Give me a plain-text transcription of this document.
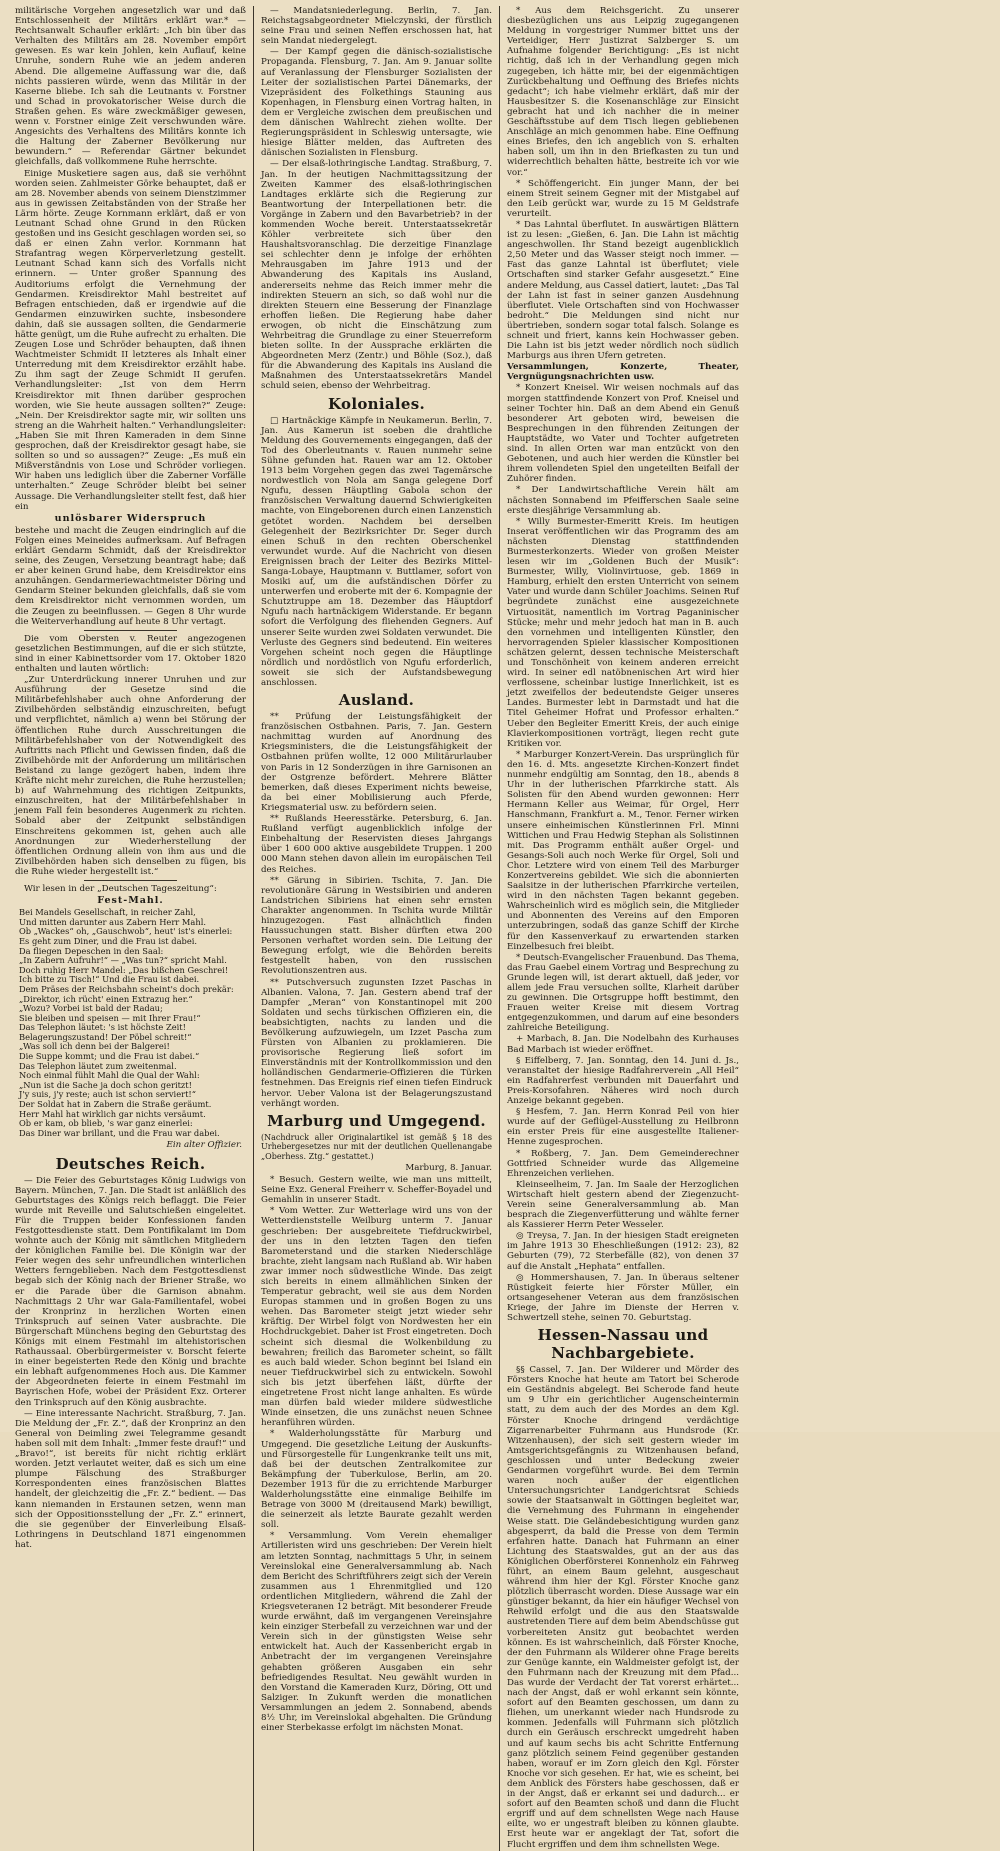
militärische Vorgehen angesetzlich war und daß Entschlossenheit der Militärs erklärt war.* — Rechtsanwalt Schaufler erklärt: „Ich bin über das Verhalten des Militärs am 28. November empört gewesen. Es war kein Johlen, kein Auflauf, keine Unruhe, sondern Ruhe wie an jedem anderen Abend. Die allgemeine Auffassung war die, daß nichts passieren würde, wenn das Militär in der Kaserne bliebe. Ich sah die Leutnants v. Forstner und Schad in provokatorischer Weise durch die Straßen gehen. Es wäre zweckmäßiger gewesen, wenn v. Forstner einige Zeit verschwunden wäre. Angesichts des Verhaltens des Militärs konnte ich die Haltung der Zaberner Bevölkerung nur bewundern.“ — Referendar Gärtner bekundet gleichfalls, daß vollkommene Ruhe herrschte.

Einige Musketiere sagen aus, daß sie verhöhnt worden seien. Zahlmeister Görke behauptet, daß er am 28. November abends von seinem Dienstzimmer aus in gewissen Zeitabständen von der Straße her Lärm hörte. Zeuge Kornmann erklärt, daß er von Leutnant Schad ohne Grund in den Rücken gestoßen und ins Gesicht geschlagen worden sei, so daß er einen Zahn verlor. Kornmann hat Strafantrag wegen Körperverletzung gestellt. Leutnant Schad kann sich des Vorfalls nicht erinnern. — Unter großer Spannung des Auditoriums erfolgt die Vernehmung der Gendarmen. Kreisdirektor Mahl bestreitet auf Befragen entschieden, daß er irgendwie auf die Gendarmen einzuwirken suchte, insbesondere dahin, daß sie aussagen sollten, die Gendarmerie hätte genügt, um die Ruhe aufrecht zu erhalten. Die Zeugen Lose und Schröder behaupten, daß ihnen Wachtmeister Schmidt II letzteres als Inhalt einer Unterredung mit dem Kreisdirektor erzählt habe. Zu ihm sagt der Zeuge Schmidt II gerufen. Verhandlungsleiter: „Ist von dem Herrn Kreisdirektor mit Ihnen darüber gesprochen worden, wie Sie heute aussagen sollten?“ Zeuge: „Nein. Der Kreisdirektor sagte mir, wir sollten uns streng an die Wahrheit halten.“ Verhandlungsleiter: „Haben Sie mit Ihren Kameraden in dem Sinne gesprochen, daß der Kreisdirektor gesagt habe, sie sollten so und so aussagen?“ Zeuge: „Es muß ein Mißverständnis von Lose und Schröder vorliegen. Wir haben uns lediglich über die Zaberner Vorfälle unterhalten.“ Zeuge Schröder bleibt bei seiner Aussage. Die Verhandlungsleiter stellt fest, daß hier ein

unlösbarer Widerspruch

bestehe und macht die Zeugen eindringlich auf die Folgen eines Meineides aufmerksam. Auf Befragen erklärt Gendarm Schmidt, daß der Kreisdirektor seine, des Zeugen, Versetzung beantragt habe; daß er aber keinen Grund habe, dem Kreisdirektor eins anzuhängen. Gendarmeriewachtmeister Döring und Gendarm Steiner bekunden gleichfalls, daß sie vom dem Kreisdirektor nicht vernommen worden, um die Zeugen zu beeinflussen. — Gegen 8 Uhr wurde die Weiterverhandlung auf heute 8 Uhr vertagt.

Die vom Obersten v. Reuter angezogenen gesetzlichen Bestimmungen, auf die er sich stützte, sind in einer Kabinettsorder vom 17. Oktober 1820 enthalten und lauten wörtlich:

„Zur Unterdrückung innerer Unruhen und zur Ausführung der Gesetze sind die Militärbefehlshaber auch ohne Anforderung der Zivilbehörden selbständig einzuschreiten, befugt und verpflichtet, nämlich a) wenn bei Störung der öffentlichen Ruhe durch Ausschreitungen die Militärbefehlshaber von der Notwendigkeit des Auftritts nach Pflicht und Gewissen finden, daß die Zivilbehörde mit der Anforderung um militärischen Beistand zu lange gezögert haben, indem ihre Kräfte nicht mehr zureichen, die Ruhe herzustellen; b) auf Wahrnehmung des richtigen Zeitpunkts, einzuschreiten, hat der Militärbefehlshaber in jenem Fall fein besonderes Augenmerk zu richten. Sobald aber der Zeitpunkt selbständigen Einschreitens gekommen ist, gehen auch alle Anordnungen zur Wiederherstellung der öffentlichen Ordnung allein von ihm aus und die Zivilbehörden haben sich denselben zu fügen, bis die Ruhe wieder hergestellt ist.“

Wir lesen in der „Deutschen Tageszeitung“:

Fest-Mahl.
Bei Mandels Gesellschaft, in reicher Zahl,
Und mitten darunter aus Zabern Herr Mahl.
Ob „Wackes“ oh, „Gauschwob“, heut' ist's einerlei:
Es geht zum Diner, und die Frau ist dabei.
Da fliegen Depeschen in den Saal:
„In Zabern Aufruhr!“ — „Was tun?“ spricht Mahl.
Doch ruhig Herr Mandel: „Das bißchen Geschrei!
Ich bitte zu Tisch!“ Und die Frau ist dabei.
Dem Präses der Reichsbahn scheint's doch prekär:
„Direktor, ich rücht' einen Extrazug her.“
„Wozu? Vorbei ist bald der Radau;
Sie bleiben und speisen — mit Ihrer Frau!“
Das Telephon läutet: 's ist höchste Zeit!
Belagerungszustand! Der Pöbel schreit!“
„Was soll ich denn bei der Balgerei!
Die Suppe kommt; und die Frau ist dabei.“
Das Telephon läutet zum zweitenmal.
Noch einmal fühlt Mahl die Qual der Wahl:
„Nun ist die Sache ja doch schon geritzt!
J'y suis, j'y reste; auch ist schon serviert!“
Der Soldat hat in Zabern die Straße geräumt.
Herr Mahl hat wirklich gar nichts versäumt.
Ob er kam, ob blieb, 's war ganz einerlei:
Das Diner war brillant, und die Frau war dabei.
Ein alter Offizier.
Deutsches Reich.

— Die Feier des Geburtstages König Ludwigs von Bayern. München, 7. Jan. Die Stadt ist anläßlich des Geburtstages des Königs reich beflaggt. Die Feier wurde mit Reveille und Salutschießen eingeleitet. Für die Truppen beider Konfessionen fanden Festgottesdienste statt. Dem Pontifikalamt im Dom wohnte auch der König mit sämtlichen Mitgliedern der königlichen Familie bei. Die Königin war der Feier wegen des sehr unfreundlichen winterlichen Wetters ferngeblieben. Nach dem Festgottesdienst begab sich der König nach der Briener Straße, wo er die Parade über die Garnison abnahm. Nachmittags 2 Uhr war Gala-Familientafel, wobei der Kronprinz in herzlichen Worten einen Trinkspruch auf seinen Vater ausbrachte. Die Bürgerschaft Münchens beging den Geburtstag des Königs mit einem Festmahl im altehistorischen Rathaussaal. Oberbürgermeister v. Borscht feierte in einer begeisterten Rede den König und brachte ein lebhaft aufgenommenes Hoch aus. Die Kammer der Abgeordneten feierte in einem Festmahl im Bayrischen Hofe, wobei der Präsident Exz. Orterer den Trinkspruch auf den König ausbrachte.

— Eine interessante Nachricht. Straßburg, 7. Jan. Die Meldung der „Fr. Z.“, daß der Kronprinz an den General von Deimling zwei Telegramme gesandt haben soll mit dem Inhalt: „Immer feste drauf!“ und „Bravo!“, ist bereits für nicht richtig erklärt worden. Jetzt verlautet weiter, daß es sich um eine plumpe Fälschung des Straßburger Korrespondenten eines französischen Blattes handelt, der gleichzeitig die „Fr. Z.“ bedient. — Das kann niemanden in Erstaunen setzen, wenn man sich der Oppositionsstellung der „Fr. Z.“ erinnert, die sie gegenüber der Einverleibung Elsaß-Lothringens in Deutschland 1871 eingenommen hat.

— Mandatsniederlegung. Berlin, 7. Jan. Reichstagsabgeordneter Mielczynski, der fürstlich seine Frau und seinen Neffen erschossen hat, hat sein Mandat niedergelegt.

— Der Kampf gegen die dänisch-sozialistische Propaganda. Flensburg, 7. Jan. Am 9. Januar sollte auf Veranlassung der Flensburger Sozialisten der Leiter der sozialistischen Partei Dänemarks, der Vizepräsident des Folkethings Stauning aus Kopenhagen, in Flensburg einen Vortrag halten, in dem er Vergleiche zwischen dem preußischen und dem dänischen Wahlrecht ziehen wollte. Der Regierungspräsident in Schleswig untersagte, wie hiesige Blätter melden, das Auftreten des dänischen Sozialisten in Flensburg.

— Der elsaß-lothringische Landtag. Straßburg, 7. Jan. In der heutigen Nachmittagssitzung der Zweiten Kammer des elsaß-lothringischen Landtages erklärte sich die Regierung zur Beantwortung der Interpellationen betr. die Vorgänge in Zabern und den Bavarbetrieb? in der kommenden Woche bereit. Unterstaatssekretär Köhler verbreitete sich über den Haushaltsvoranschlag. Die derzeitige Finanzlage sei schlechter denn je infolge der erhöhten Mehrausgaben im Jahre 1913 und der Abwanderung des Kapitals ins Ausland, andererseits nehme das Reich immer mehr die indirekten Steuern an sich, so daß wohl nur die direkten Steuern eine Besserung der Finanzlage erhoffen ließen. Die Regierung habe daher erwogen, ob nicht die Einschätzung zum Wehrbeitrag die Grundlage zu einer Steuerreform bieten sollte. In der Aussprache erklärten die Abgeordneten Merz (Zentr.) und Böhle (Soz.), daß für die Abwanderung des Kapitals ins Ausland die Maßnahmen des Unterstaatssekretärs Mandel schuld seien, ebenso der Wehrbeitrag.

Koloniales.

□ Hartnäckige Kämpfe in Neukamerun. Berlin, 7. Jan. Aus Kamerun ist soeben die drahtliche Meldung des Gouvernements eingegangen, daß der Tod des Oberleutnants v. Rauen nunmehr seine Sühne gefunden hat. Rauen war am 12. Oktober 1913 beim Vorgehen gegen das zwei Tagemärsche nordwestlich von Nola am Sanga gelegene Dorf Ngufu, dessen Häuptling Gabola schon der französischen Verwaltung dauernd Schwierigkeiten machte, von Eingeborenen durch einen Lanzenstich getötet worden. Nachdem bei derselben Gelegenheit der Bezirksrichter Dr. Seger durch einen Schuß in den rechten Oberschenkel verwundet wurde. Auf die Nachricht von diesen Ereignissen brach der Leiter des Bezirks Mittel-Sanga-Lobaye, Hauptmann v. Buttlamer, sofort von Mosiki auf, um die aufständischen Dörfer zu unterwerfen und eroberte mit der 6. Kompagnie der Schutztruppe am 18. Dezember das Häuptdorf Ngufu nach hartnäckigem Widerstande. Er begann sofort die Verfolgung des fliehenden Gegners. Auf unserer Seite wurden zwei Soldaten verwundet. Die Verluste des Gegners sind bedeutend. Ein weiteres Vorgehen scheint noch gegen die Häuptlinge nördlich und nordöstlich von Ngufu erforderlich, soweit sie sich der Aufstandsbewegung anschlossen.

Ausland.

** Prüfung der Leistungsfähigkeit der französischen Ostbahnen. Paris, 7. Jan. Gestern nachmittag wurden auf Anordnung des Kriegsministers, die die Leistungsfähigkeit der Ostbahnen prüfen wollte, 12 000 Militärurlauber von Paris in 12 Sonderzügen in ihre Garnisonen an der Ostgrenze befördert. Mehrere Blätter bemerken, daß dieses Experiment nichts beweise, da bei einer Mobilisierung auch Pferde, Kriegsmaterial usw. zu befördern seien.

** Rußlands Heeresstärke. Petersburg, 6. Jan. Rußland verfügt augenblicklich infolge der Einbehaltung der Reservisten dieses Jahrgangs über 1 600 000 aktive ausgebildete Truppen. 1 200 000 Mann stehen davon allein im europäischen Teil des Reiches.

** Gärung in Sibirien. Tschita, 7. Jan. Die revolutionäre Gärung in Westsibirien und anderen Landstrichen Sibiriens hat einen sehr ernsten Charakter angenommen. In Tschita wurde Militär hinzugezogen. Fast allnächtlich finden Haussuchungen statt. Bisher dürften etwa 200 Personen verhaftet worden sein. Die Leitung der Bewegung erfolgt, wie die Behörden bereits festgestellt haben, von den russischen Revolutionszentren aus.

** Putschversuch zugunsten Izzet Paschas in Albanien. Valona, 7. Jan. Gestern abend traf der Dampfer „Meran“ von Konstantinopel mit 200 Soldaten und sechs türkischen Offizieren ein, die beabsichtigten, nachts zu landen und die Bevölkerung aufzuwiegeln, um Izzet Pascha zum Fürsten von Albanien zu proklamieren. Die provisorische Regierung ließ sofort im Einverständnis mit der Kontrollkommission und den holländischen Gendarmerie-Offizieren die Türken festnehmen. Das Ereignis rief einen tiefen Eindruck hervor. Ueber Valona ist der Belagerungszustand verhängt worden.

Marburg und Umgegend.
(Nachdruck aller Originalartikel ist gemäß § 18 des Urhebergesetzes nur mit der deutlichen Quellenangabe „Oberhess. Ztg.“ gestattet.)
Marburg, 8. Januar.

* Besuch. Gestern weilte, wie man uns mitteilt, Seine Exz. General Freiherr v. Scheffer-Boyadel und Gemahlin in unserer Stadt.

* Vom Wetter. Zur Wetterlage wird uns von der Wetterdienststelle Weilburg unterm 7. Januar geschrieben: Der ausgebreitete Tiefdruckwirbel, der uns in den letzten Tagen den tiefen Barometerstand und die starken Niederschläge brachte, zieht langsam nach Rußland ab. Wir haben zwar immer noch südwestliche Winde. Das zeigt sich bereits in einem allmählichen Sinken der Temperatur gebracht, weil sie aus dem Norden Europas stammen und in großen Bogen zu uns wehen. Das Barometer steigt jetzt wieder sehr kräftig. Der Wirbel folgt von Nordwesten her ein Hochdruckgebiet. Daher ist Frost eingetreten. Doch scheint sich diesmal die Wolkenbildung zu bewahren; freilich das Barometer scheint, so fällt es auch bald wieder. Schon beginnt bei Island ein neuer Tiefdruckwirbel sich zu entwickeln. Sowohl sich bis jetzt überfehen läßt, dürfte der eingetretene Frost nicht lange anhalten. Es würde man dürfen bald wieder mildere südwestliche Winde einsetzen, die uns zunächst neuen Schnee heranführen würden.

* Walderholungsstätte für Marburg und Umgegend. Die gesetzliche Leitung der Auskunfts- und Fürsorgestelle für Lungenkranke teilt uns mit, daß bei der deutschen Zentralkomitee zur Bekämpfung der Tuberkulose, Berlin, am 20. Dezember 1913 für die zu errichtende Marburger Walderholungsstätte eine einmalige Beihilfe im Betrage von 3000 M (dreitausend Mark) bewilligt, die seinerzeit als letzte Baurate gezahlt werden soll.

* Versammlung. Vom Verein ehemaliger Artilleristen wird uns geschrieben: Der Verein hielt am letzten Sonntag, nachmittags 5 Uhr, in seinem Vereinslokal eine Generalversammlung ab. Nach dem Bericht des Schriftführers zeigt sich der Verein zusammen aus 1 Ehrenmitglied und 120 ordentlichen Mitgliedern, während die Zahl der Kriegsveteranen 12 beträgt. Mit besonderer Freude wurde erwähnt, daß im vergangenen Vereinsjahre kein einziger Sterbefall zu verzeichnen war und der Verein sich in der günstigsten Weise sehr entwickelt hat. Auch der Kassenbericht ergab in Anbetracht der im vergangenen Vereinsjahre gehabten größeren Ausgaben ein sehr befriedigendes Resultat. Neu gewählt wurden in den Vorstand die Kameraden Kurz, Döring, Ott und Salziger. In Zukunft werden die monatlichen Versammlungen an jedem 2. Sonnabend, abends 8½ Uhr, im Vereinslokal abgehalten. Die Gründung einer Sterbekasse erfolgt im nächsten Monat.

* Aus dem Reichsgericht. Zu unserer diesbezüglichen uns aus Leipzig zugegangenen Meldung in vorgestriger Nummer bittet uns der Verteidiger, Herr Justizrat Salzberger S. um Aufnahme folgender Berichtigung: „Es ist nicht richtig, daß ich in der Verhandlung gegen mich zugegeben, ich hätte mir, bei der eigenmächtigen Zurückbehaltung und Oeffnung des Briefes nichts gedacht“; ich habe vielmehr erklärt, daß mir der Hausbesitzer S. die Kosenanschläge zur Einsicht gebracht hat und ich nachher die in meiner Geschäftsstube auf dem Tisch liegen gebliebenen Anschläge an mich genommen habe. Eine Oeffnung eines Briefes, den ich angeblich von S. erhalten haben soll, um ihn in den Briefkasten zu tun und widerrechtlich behalten hätte, bestreite ich vor wie vor.“

* Schöffengericht. Ein junger Mann, der bei einem Streit seinem Gegner mit der Mistgabel auf den Leib gerückt war, wurde zu 15 M Geldstrafe verurteilt.

* Das Lahntal überflutet. In auswärtigen Blättern ist zu lesen: „Gießen, 6. Jan. Die Lahn ist mächtig angeschwollen. Ihr Stand bezeigt augenblicklich 2,50 Meter und das Wasser steigt noch immer. — Fast das ganze Lahntal ist überflutet; viele Ortschaften sind starker Gefahr ausgesetzt.“ Eine andere Meldung, aus Cassel datiert, lautet: „Das Tal der Lahn ist fast in seiner ganzen Ausdehnung überflutet. Viele Ortschaften sind von Hochwasser bedroht.“ Die Meldungen sind nicht nur übertrieben, sondern sogar total falsch. Solange es schneit und friert, kanns kein Hochwasser geben. Die Lahn ist bis jetzt weder nördlich noch südlich Marburgs aus ihren Ufern getreten.

Versammlungen, Konzerte, Theater, Vergnügungsnachrichten usw.

* Konzert Kneisel. Wir weisen nochmals auf das morgen stattfindende Konzert von Prof. Kneisel und seiner Tochter hin. Daß an dem Abend ein Genuß besonderer Art geboten wird, beweisen die Besprechungen in den führenden Zeitungen der Hauptstädte, wo Vater und Tochter aufgetreten sind. In allen Orten war man entzückt von den Gebotenen, und auch hier werden die Künstler bei ihrem vollendeten Spiel den ungeteilten Beifall der Zuhörer finden.

* Der Landwirtschaftliche Verein hält am nächsten Sonnabend im Pfeifferschen Saale seine erste diesjährige Versammlung ab.

* Willy Burmester-Emeritt Kreis. Im heutigen Inserat veröffentlichen wir das Programm des am nächsten Dienstag stattfindenden Burmesterkonzerts. Wieder von großen Meister lesen wir im „Goldenen Buch der Musik“: Burmester, Willy, Violinvirtuose, geb. 1869 in Hamburg, erhielt den ersten Unterricht von seinem Vater und wurde dann Schüler Joachims. Seinen Ruf begründete zunächst eine ausgezeichnete Virtuosität, namentlich im Vortrag Paganinischer Stücke; mehr und mehr jedoch hat man in B. auch den vornehmen und intelligenten Künstler, den hervorragenden Spieler klassischer Kompositionen schätzen gelernt, dessen technische Meisterschaft und Tonschönheit von keinem anderen erreicht wird. In seiner edl natöbnenischen Art wird hier verflossene, scheinbar lustige Innerlichkeit, ist es jetzt zweifellos der bedeutendste Geiger unseres Landes. Burmester lebt in Darmstadt und hat die Titel Geheimer Hofrat und Professor erhalten.“ Ueber den Begleiter Emeritt Kreis, der auch einige Klavierkompositionen vorträgt, liegen recht gute Kritiken vor.

* Marburger Konzert-Verein. Das ursprünglich für den 16. d. Mts. angesetzte Kirchen-Konzert findet nunmehr endgültig am Sonntag, den 18., abends 8 Uhr in der lutherischen Pfarrkirche statt. Als Solisten für den Abend wurden gewonnen: Herr Hermann Keller aus Weimar, für Orgel, Herr Hanschmann, Frankfurt a. M., Tenor. Ferner wirken unsere einheimischen Künstlerinnen Frl. Minni Wittichen und Frau Hedwig Stephan als Solistinnen mit. Das Programm enthält außer Orgel- und Gesangs-Soli auch noch Werke für Orgel, Soli und Chor. Letztere wird von einem Teil des Marburger Konzertvereins gebildet. Wie sich die abonnierten Saalsitze in der lutherischen Pfarrkirche verteilen, wird in den nächsten Tagen bekannt gegeben. Wahrscheinlich wird es möglich sein, die Mitglieder und Abonnenten des Vereins auf den Emporen unterzubringen, sodaß das ganze Schiff der Kirche für den Kassenverkauf zu erwartenden starken Einzelbesuch frei bleibt.

* Deutsch-Evangelischer Frauenbund. Das Thema, das Frau Gaebel einem Vortrag und Besprechung zu Grunde legen will, ist derart aktuell, daß jeder, vor allem jede Frau versuchen sollte, Klarheit darüber zu gewinnen. Die Ortsgruppe hofft bestimmt, den Frauen weiter Kreise mit diesem Vortrag entgegenzukommen, und darum auf eine besonders zahlreiche Beteiligung.

+ Marbach, 8. Jan. Die Nodelbahn des Kurhauses Bad Marbach ist wieder eröffnet.

§ Eiffelberg, 7. Jan. Sonntag, den 14. Juni d. Js., veranstaltet der hiesige Radfahrerverein „All Heil“ ein Radfahrerfest verbunden mit Dauerfahrt und Preis-Korsofahren. Näheres wird noch durch Anzeige bekannt gegeben.

§ Hesfem, 7. Jan. Herrn Konrad Peil von hier wurde auf der Geflügel-Ausstellung zu Heilbronn ein erster Preis für eine ausgestellte Italiener-Henne zugesprochen.

* Roßberg, 7. Jan. Dem Gemeinderechner Gottfried Schneider wurde das Allgemeine Ehrenzeichen verliehen.

Kleinseelheim, 7. Jan. Im Saale der Herzoglichen Wirtschaft hielt gestern abend der Ziegenzucht-Verein seine Generalversammlung ab. Man besprach die Ziegenverfütterung und wählte ferner als Kassierer Herrn Peter Wesseler.

◎ Treysa, 7. Jan. In der hiesigen Stadt ereigneten im Jahre 1913 30 Eheschließungen (1912: 23), 82 Geburten (79), 72 Sterbefälle (82), von denen 37 auf die Anstalt „Hephata“ entfallen.

◎ Hommershausen, 7. Jan. In überaus seltener Rüstigkeit feierte hier Förster Müller, ein ortsangesehener Veteran aus dem französischen Kriege, der Jahre im Dienste der Herren v. Schwertzell stehe, seinen 70. Geburtstag.

Hessen-Nassau und Nachbargebiete.

§§ Cassel, 7. Jan. Der Wilderer und Mörder des Försters Knoche hat heute am Tatort bei Scherode ein Geständnis abgelegt. Bei Scherode fand heute um 9 Uhr ein gerichtlicher Augenscheintermin statt, zu dem auch der des Mordes an dem Kgl. Förster Knoche dringend verdächtige Zigarrenarbeiter Fuhrmann aus Hundsrode (Kr. Witzenhausen), der sich seit gestern wieder im Amtsgerichtsgefängnis zu Witzenhausen befand, geschlossen und unter Bedeckung zweier Gendarmen vorgeführt wurde. Bei dem Termin waren noch außer der eigentlichen Untersuchungsrichter Landgerichtsrat Schieds sowie der Staatsanwalt in Göttingen begleitet war, die Vernehmung des Fuhrmann in eingehender Weise statt. Die Geländebesichtigung wurden ganz abgesperrt, da bald die Presse von dem Termin erfahren hatte. Danach hat Fuhrmann an einer Lichtung des Staatswaldes, gut an der aus das Königlichen Oberförsterei Konnenholz ein Fahrweg führt, an einem Baum gelehnt, ausgeschaut während ihm hier der Kgl. Förster Knoche ganz plötzlich überrascht worden. Diese Aussage war ein günstiger bekannt, da hier ein häufiger Wechsel von Rehwild erfolgt und die aus den Staatswalde austretenden Tiere auf dem beim Abendschüsse gut vorbereiteten Ansitz gut beobachtet werden können. Es ist wahrscheinlich, daß Förster Knoche, der den Fuhrmann als Wilderer ohne Frage bereits zur Genüge kannte, ein Waldmeister gefolgt ist, der den Fuhrmann nach der Kreuzung mit dem Pfad... Das wurde der Verdacht der Tat vorerst erhärtet... nach der Angst, daß er wohl erkannt sein könnte, sofort auf den Beamten geschossen, um dann zu fliehen, um unerkannt wieder nach Hundsrode zu kommen. Jedenfalls will Fuhrmann sich plötzlich durch ein Geräusch erschreckt umgedreht haben und auf kaum sechs bis acht Schritte Entfernung ganz plötzlich seinem Feind gegenüber gestanden haben, worauf er im Zorn gleich den Kgl. Förster Knoche vor sich gesehen. Er hat, wie es scheint, bei dem Anblick des Försters habe geschossen, daß er in der Angst, daß er erkannt sei und dadurch... er sofort auf den Beamten schoß und dann die Flucht ergriff und auf dem schnellsten Wege nach Hause eilte, wo er ungestraft bleiben zu können glaubte. Erst heute war er angeklagt der Tat, sofort die Flucht ergriffen und dem ihm schnellsten Wege.
